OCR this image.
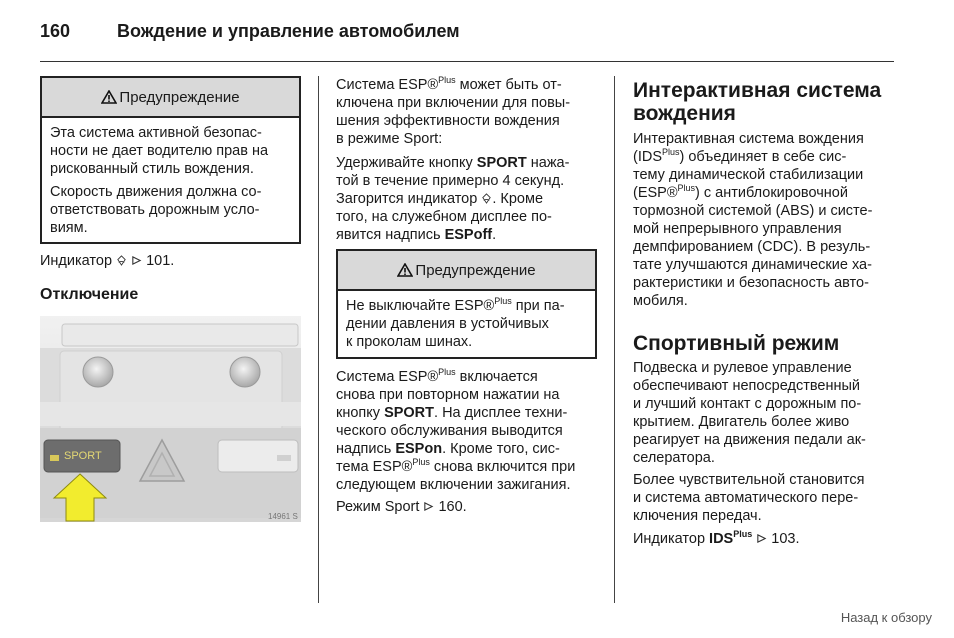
160	Вождение и управление автомобилем
Предупреждение

Эта система активной безопас-
ности не дает водителю прав на
рискованный стиль вождения.

Скорость движения должна со-
ответствовать дорожным усло-
виям.

Индикатор 101.

Отключение
SPORT
14961 S

Система ESP®$^{Plus}$ может быть от-
ключена при включении для повы-
шения эффективности вождения
в режиме Sport:

Удерживайте кнопку SPORT нажа-
той в течение примерно 4 секунд.
Загорится индикатор . Кроме
того, на служебном дисплее по-
явится надпись ESPoff.

Предупреждение

Не выключайте ESP®$^{Plus}$ при па-
дении давления в устойчивых
к проколам шинах.

Система ESP®$^{Plus}$ включается
снова при повторном нажатии на
кнопку SPORT. На дисплее техни-
ческого обслуживания выводится
надпись ESPon. Кроме того, сис-
тема ESP®$^{Plus}$ снова включится при
следующем включении зажигания.

Режим Sport 160.

Интерактивная система
вождения

Интерактивная система вождения
$(IDS^{Plus})$ объединяет в себе сис-
тему динамической стабилизации
(ESP®$^{Plus}$) с антиблокировочной
тормозной системой (ABS) и систе-
мой непрерывного управления
демпфированием (CDC). В резуль-
тате улучшаются динамические ха-
рактеристики и безопасность авто-
мобиля.

Спортивный режим

Подвеска и рулевое управление
обеспечивают непосредственный
и лучший контакт с дорожным по-
крытием. Двигатель более живо
реагирует на движения педали ак-
селератора.

Более чувствительной становится
и система автоматического пере-
ключения передач.

Индикатор $IDS^{Plus}$ 103.

Назад к обзору
